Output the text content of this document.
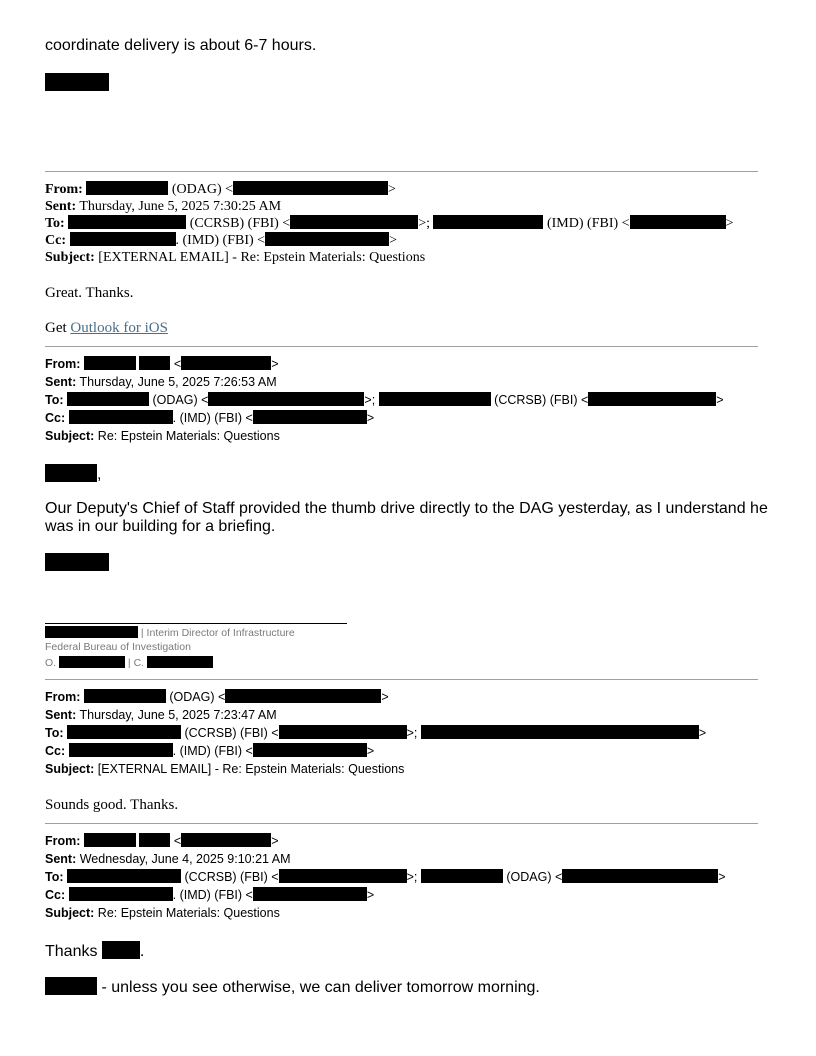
coordinate delivery is about 6-7 hours.
From:	(ODAG) <	>
Sent: Thursday, June 5, 2025 7:30:25 AM
To:	(CCRSB) (FBI) <	>;	(IMD) (FBI) <	>
Cc:	. (IMD) (FBI) <	>
Subject: [EXTERNAL EMAIL] - Re: Epstein Materials: Questions
Great. Thanks.
Get Outlook for iOS
From:	<	>
Sent: Thursday, June 5, 2025 7:26:53 AM
To:	(ODAG) <	>;	(CCRSB) (FBI) <	>
Cc:	. (IMD) (FBI) <	>
Subject: Re: Epstein Materials: Questions
,
Our Deputy's Chief of Staff provided the thumb drive directly to the DAG yesterday, as I understand he
was in our building for a briefing.
| Interim Director of Infrastructure
Federal Bureau of Investigation
O.	| C.
From:	(ODAG) <	>
Sent: Thursday, June 5, 2025 7:23:47 AM
To:	(CCRSB) (FBI) <	>;	>
Cc:	. (IMD) (FBI) <	>
Subject: [EXTERNAL EMAIL] - Re: Epstein Materials: Questions
Sounds good. Thanks.
From:	<	>
Sent: Wednesday, June 4, 2025 9:10:21 AM
To:	(CCRSB) (FBI) <	>;	(ODAG) <	>
Cc:	. (IMD) (FBI) <	>
Subject: Re: Epstein Materials: Questions
Thanks	.
- unless you see otherwise, we can deliver tomorrow morning.
